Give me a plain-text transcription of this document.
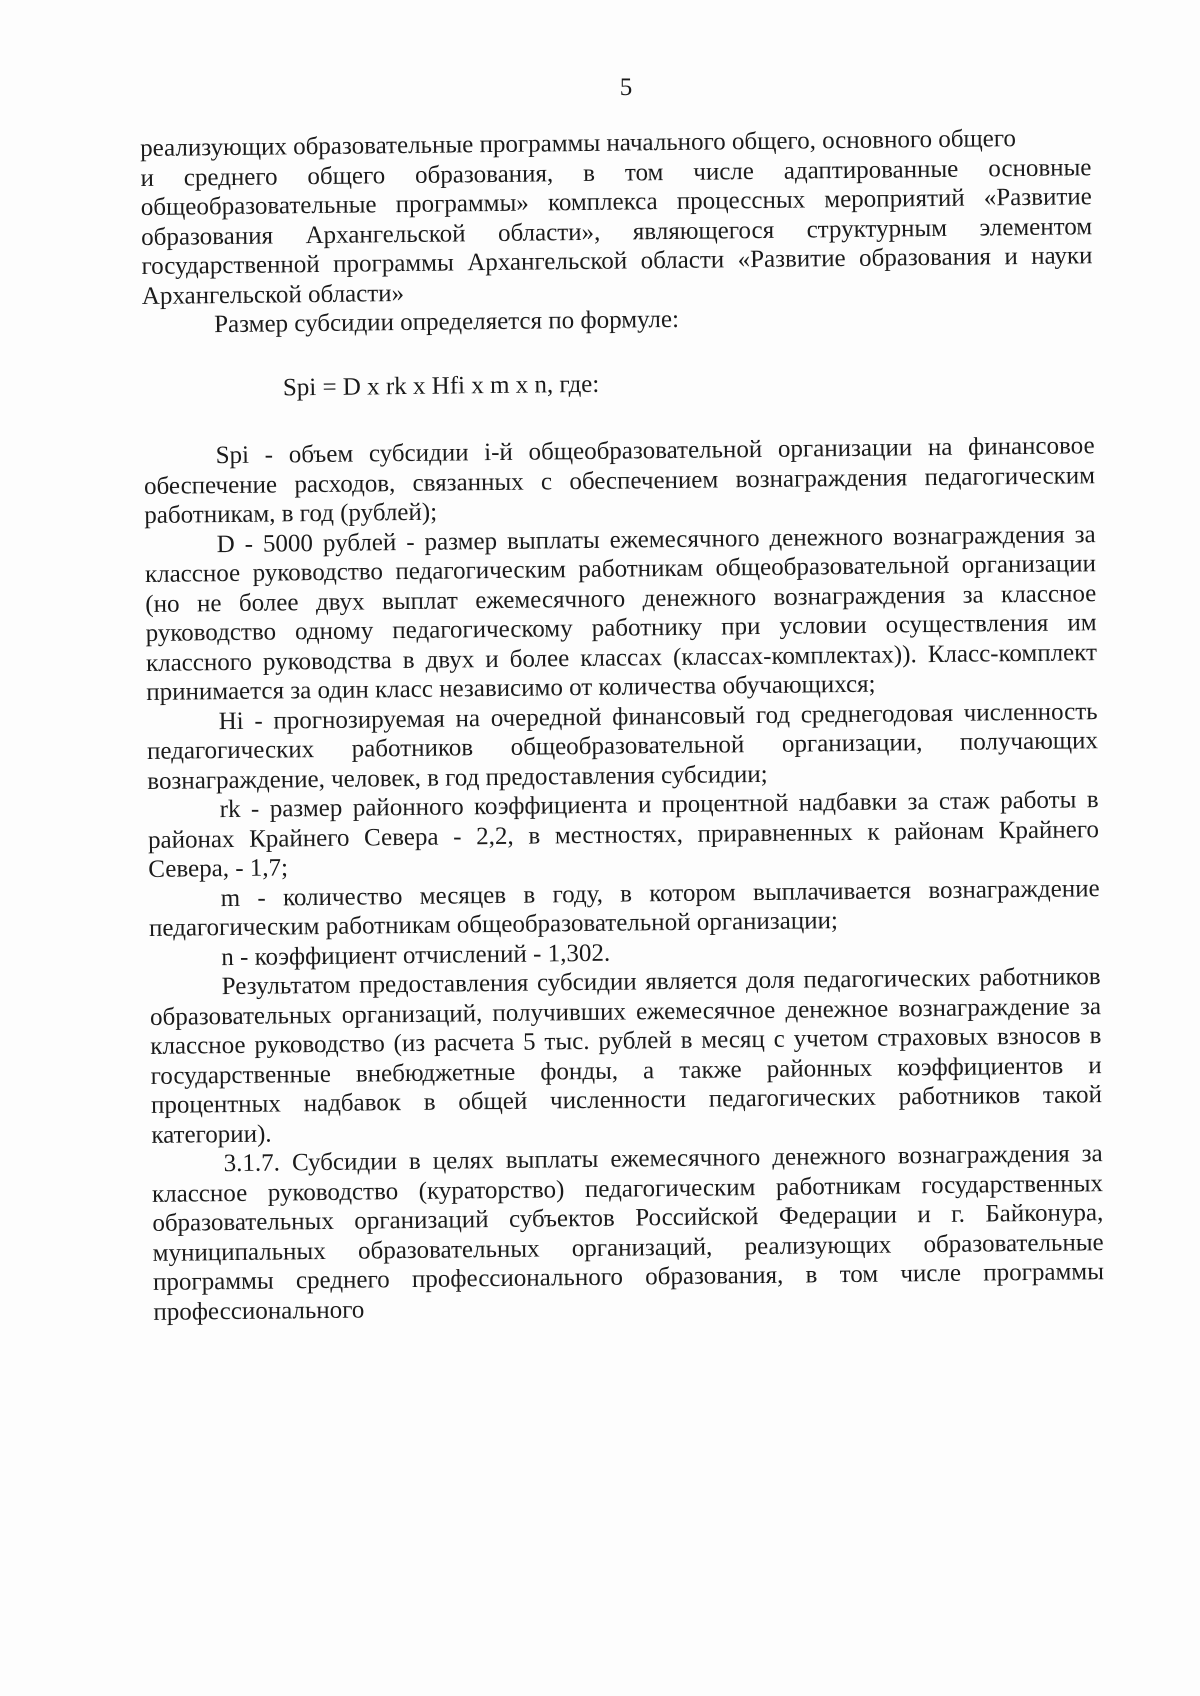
5

реализующих образовательные программы начального общего, основного общего

и среднего общего образования, в том числе адаптированные основные общеобразовательные программы» комплекса процессных мероприятий «Развитие образования Архангельской области», являющегося структурным элементом государственной программы Архангельской области «Развитие образования и науки Архангельской области»

Размер субсидии определяется по формуле:

Spi = D x rk x Hfi x m x n, где:

Spi - объем субсидии i-й общеобразовательной организации на финансовое обеспечение расходов, связанных с обеспечением вознаграждения педагогическим работникам, в год (рублей);

D - 5000 рублей - размер выплаты ежемесячного денежного вознаграждения за классное руководство педагогическим работникам общеобразовательной организации (но не более двух выплат ежемесячного денежного вознаграждения за классное руководство одному педагогическому работнику при условии осуществления им классного руководства в двух и более классах (классах-комплектах)). Класс-комплект принимается за один класс независимо от количества обучающихся;

Hi - прогнозируемая на очередной финансовый год среднегодовая численность педагогических работников общеобразовательной организации, получающих вознаграждение, человек, в год предоставления субсидии;

rk - размер районного коэффициента и процентной надбавки за стаж работы в районах Крайнего Севера - 2,2, в местностях, приравненных к районам Крайнего Севера, - 1,7;

m - количество месяцев в году, в котором выплачивается вознаграждение педагогическим работникам общеобразовательной организации;

n - коэффициент отчислений - 1,302.

Результатом предоставления субсидии является доля педагогических работников образовательных организаций, получивших ежемесячное денежное вознаграждение за классное руководство (из расчета 5 тыс. рублей в месяц с учетом страховых взносов в государственные внебюджетные фонды, а также районных коэффициентов и процентных надбавок в общей численности педагогических работников такой категории).

3.1.7. Субсидии в целях выплаты ежемесячного денежного вознаграждения за классное руководство (кураторство) педагогическим работникам государственных образовательных организаций субъектов Российской Федерации и г. Байконура, муниципальных образовательных организаций, реализующих образовательные программы среднего профессионального образования, в том числе программы профессионального
